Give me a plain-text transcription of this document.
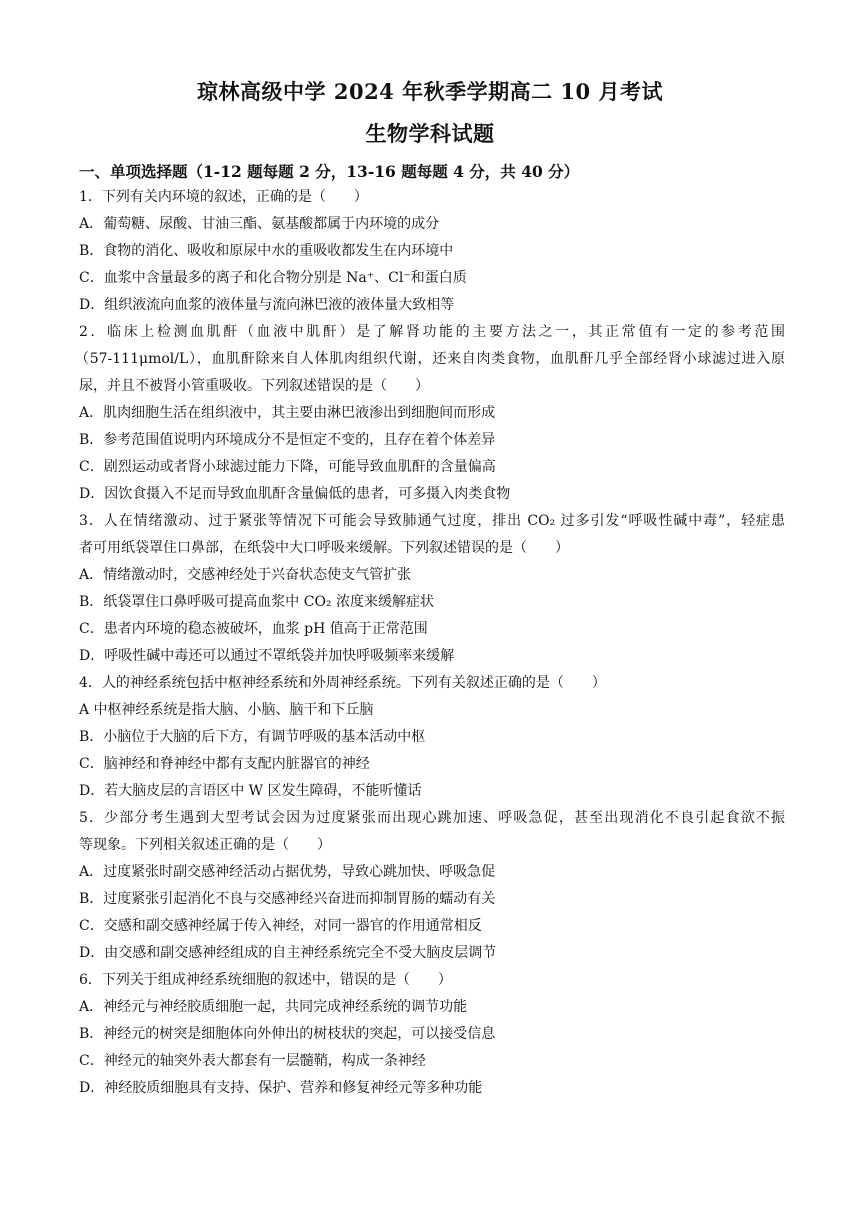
琼林高级中学 2024 年秋季学期高二 10 月考试
生物学科试题
一、单项选择题（1-12 题每题 2 分，13-16 题每题 4 分，共 40 分）
1．下列有关内环境的叙述，正确的是（　　）
A．葡萄糖、尿酸、甘油三酯、氨基酸都属于内环境的成分
B．食物的消化、吸收和原尿中水的重吸收都发生在内环境中
C．血浆中含量最多的离子和化合物分别是 Na⁺、Cl⁻和蛋白质
D．组织液流向血浆的液体量与流向淋巴液的液体量大致相等
2．临床上检测血肌酐（血液中肌酐）是了解肾功能的主要方法之一，其正常值有一定的参考范围
（57-111μmol/L），血肌酐除来自人体肌肉组织代谢，还来自肉类食物，血肌酐几乎全部经肾小球滤过进入原
尿，并且不被肾小管重吸收。下列叙述错误的是（　　）
A．肌肉细胞生活在组织液中，其主要由淋巴液渗出到细胞间而形成
B．参考范围值说明内环境成分不是恒定不变的，且存在着个体差异
C．剧烈运动或者肾小球滤过能力下降，可能导致血肌酐的含量偏高
D．因饮食摄入不足而导致血肌酐含量偏低的患者，可多摄入肉类食物
3．人在情绪激动、过于紧张等情况下可能会导致肺通气过度，排出 CO₂ 过多引发“呼吸性碱中毒”，轻症患
者可用纸袋罩住口鼻部，在纸袋中大口呼吸来缓解。下列叙述错误的是（　　）
A．情绪激动时，交感神经处于兴奋状态使支气管扩张
B．纸袋罩住口鼻呼吸可提高血浆中 CO₂ 浓度来缓解症状
C．患者内环境的稳态被破坏，血浆 pH 值高于正常范围
D．呼吸性碱中毒还可以通过不罩纸袋并加快呼吸频率来缓解
4．人的神经系统包括中枢神经系统和外周神经系统。下列有关叙述正确的是（　　）
A 中枢神经系统是指大脑、小脑、脑干和下丘脑
B．小脑位于大脑的后下方，有调节呼吸的基本活动中枢
C．脑神经和脊神经中都有支配内脏器官的神经
D．若大脑皮层的言语区中 W 区发生障碍，不能听懂话
5．少部分考生遇到大型考试会因为过度紧张而出现心跳加速、呼吸急促，甚至出现消化不良引起食欲不振
等现象。下列相关叙述正确的是（　　）
A．过度紧张时副交感神经活动占据优势，导致心跳加快、呼吸急促
B．过度紧张引起消化不良与交感神经兴奋进而抑制胃肠的蠕动有关
C．交感和副交感神经属于传入神经，对同一器官的作用通常相反
D．由交感和副交感神经组成的自主神经系统完全不受大脑皮层调节
6．下列关于组成神经系统细胞的叙述中，错误的是（　　）
A．神经元与神经胶质细胞一起，共同完成神经系统的调节功能
B．神经元的树突是细胞体向外伸出的树枝状的突起，可以接受信息
C．神经元的轴突外表大都套有一层髓鞘，构成一条神经
D．神经胶质细胞具有支持、保护、营养和修复神经元等多种功能
